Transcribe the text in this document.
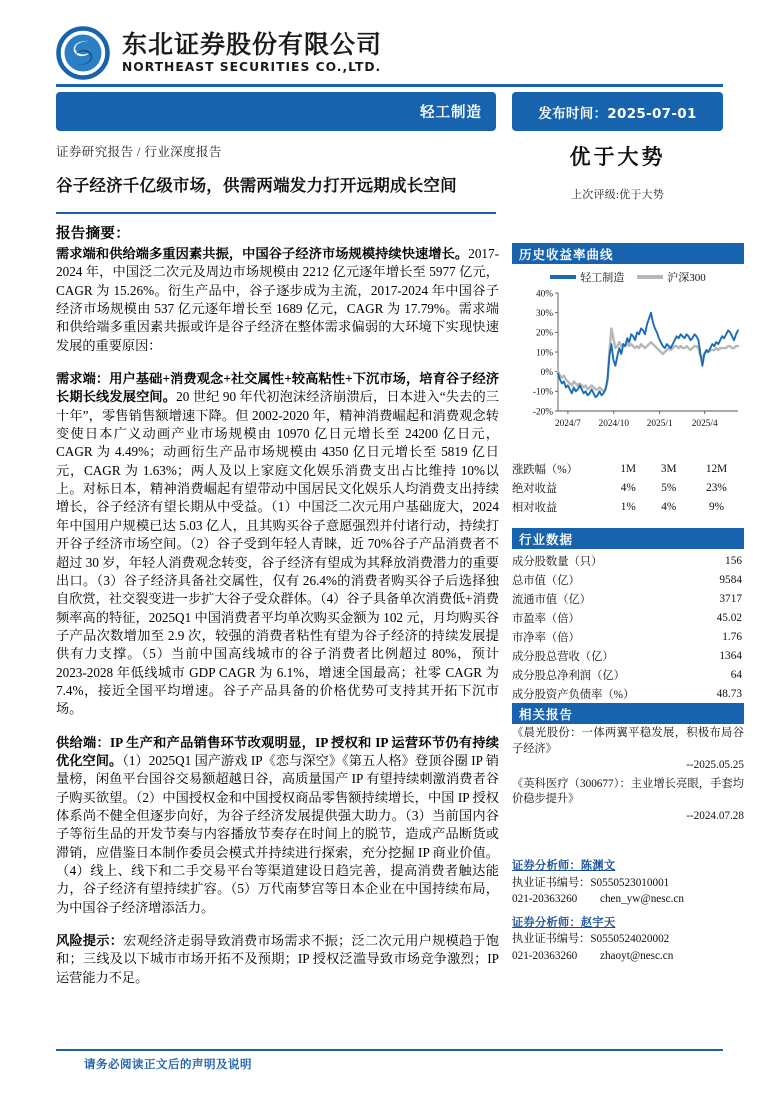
东北证券股份有限公司
NORTHEAST SECURITIES CO.,LTD.
轻工制造	发布时间：2025-07-01
证券研究报告 / 行业深度报告
谷子经济千亿级市场，供需两端发力打开远期成长空间
优于大势
上次评级:优于大势
报告摘要：

需求端和供给端多重因素共振，中国谷子经济市场规模持续快速增长。2017-2024 年，中国泛二次元及周边市场规模由 2212 亿元逐年增长至 5977 亿元，CAGR 为 15.26%。衍生产品中，谷子逐步成为主流，2017-2024 年中国谷子经济市场规模由 537 亿元逐年增长至 1689 亿元，CAGR 为 17.79%。需求端和供给端多重因素共振或许是谷子经济在整体需求偏弱的大环境下实现快速发展的重要原因：

需求端：用户基础+消费观念+社交属性+较高粘性+下沉市场，培育谷子经济长期长线发展空间。20 世纪 90 年代初泡沫经济崩溃后，日本进入“失去的三十年”，零售销售额增速下降。但 2002-2020 年，精神消费崛起和消费观念转变使日本广义动画产业市场规模由 10970 亿日元增长至 24200 亿日元，CAGR 为 4.49%；动画衍生产品市场规模由 4350 亿日元增长至 5819 亿日元，CAGR 为 1.63%；两人及以上家庭文化娱乐消费支出占比维持 10%以上。对标日本，精神消费崛起有望带动中国居民文化娱乐人均消费支出持续增长，谷子经济有望长期从中受益。（1）中国泛二次元用户基础庞大，2024 年中国用户规模已达 5.03 亿人，且其购买谷子意愿强烈并付诸行动，持续打开谷子经济市场空间。（2）谷子受到年轻人青睐，近 70%谷子产品消费者不超过 30 岁，年轻人消费观念转变，谷子经济有望成为其释放消费潜力的重要出口。（3）谷子经济具备社交属性，仅有 26.4%的消费者购买谷子后选择独自欣赏，社交裂变进一步扩大谷子受众群体。（4）谷子具备单次消费低+消费频率高的特征，2025Q1 中国消费者平均单次购买金额为 102 元，月均购买谷子产品次数增加至 2.9 次，较强的消费者粘性有望为谷子经济的持续发展提供有力支撑。（5）当前中国高线城市的谷子消费者比例超过 80%，预计 2023-2028 年低线城市 GDP CAGR 为 6.1%，增速全国最高；社零 CAGR 为 7.4%，接近全国平均增速。谷子产品具备的价格优势可支持其开拓下沉市场。

供给端：IP 生产和产品销售环节改观明显，IP 授权和 IP 运营环节仍有持续优化空间。（1）2025Q1 国产游戏 IP《恋与深空》《第五人格》登顶谷圈 IP 销量榜，闲鱼平台国谷交易额超越日谷，高质量国产 IP 有望持续刺激消费者谷子购买欲望。（2）中国授权金和中国授权商品零售额持续增长，中国 IP 授权体系尚不健全但逐步向好，为谷子经济发展提供强大助力。（3）当前国内谷子等衍生品的开发节奏与内容播放节奏存在时间上的脱节，造成产品断货或滞销，应借鉴日本制作委员会模式并持续进行探索，充分挖掘 IP 商业价值。（4）线上、线下和二手交易平台等渠道建设日趋完善，提高消费者触达能力，谷子经济有望持续扩容。（5）万代南梦宫等日本企业在中国持续布局，为中国谷子经济增添活力。

风险提示：宏观经济走弱导致消费市场需求不振；泛二次元用户规模趋于饱和；三线及以下城市市场开拓不及预期；IP 授权泛滥导致市场竞争激烈；IP 运营能力不足。

历史收益率曲线
轻工制造	沪深300
-20%
-10%
0%
10%
20%
30%
40%
2024/7 2024/10 2025/1 2025/4
涨跌幅（%）	1M	3M	12M
绝对收益	4%	5%	23%
相对收益	1%	4%	9%
行业数据
成分股数量（只）	156
总市值（亿）	9584
流通市值（亿）	3717
市盈率（倍）	45.02
市净率（倍）	1.76
成分股总营收（亿）	1364
成分股总净利润（亿）	64
成分股资产负债率（%）	48.73
相关报告
《晨光股份：一体两翼平稳发展，积极布局谷子经济》
--2025.05.25
《英科医疗（300677）：主业增长亮眼，手套均价稳步提升》
--2024.07.28
证券分析师：陈渊文
执业证书编号：S0550523010001
021-20363260 chen_yw@nesc.cn
证券分析师：赵宇天
执业证书编号：S0550524020002
021-20363260 zhaoyt@nesc.cn
请务必阅读正文后的声明及说明
